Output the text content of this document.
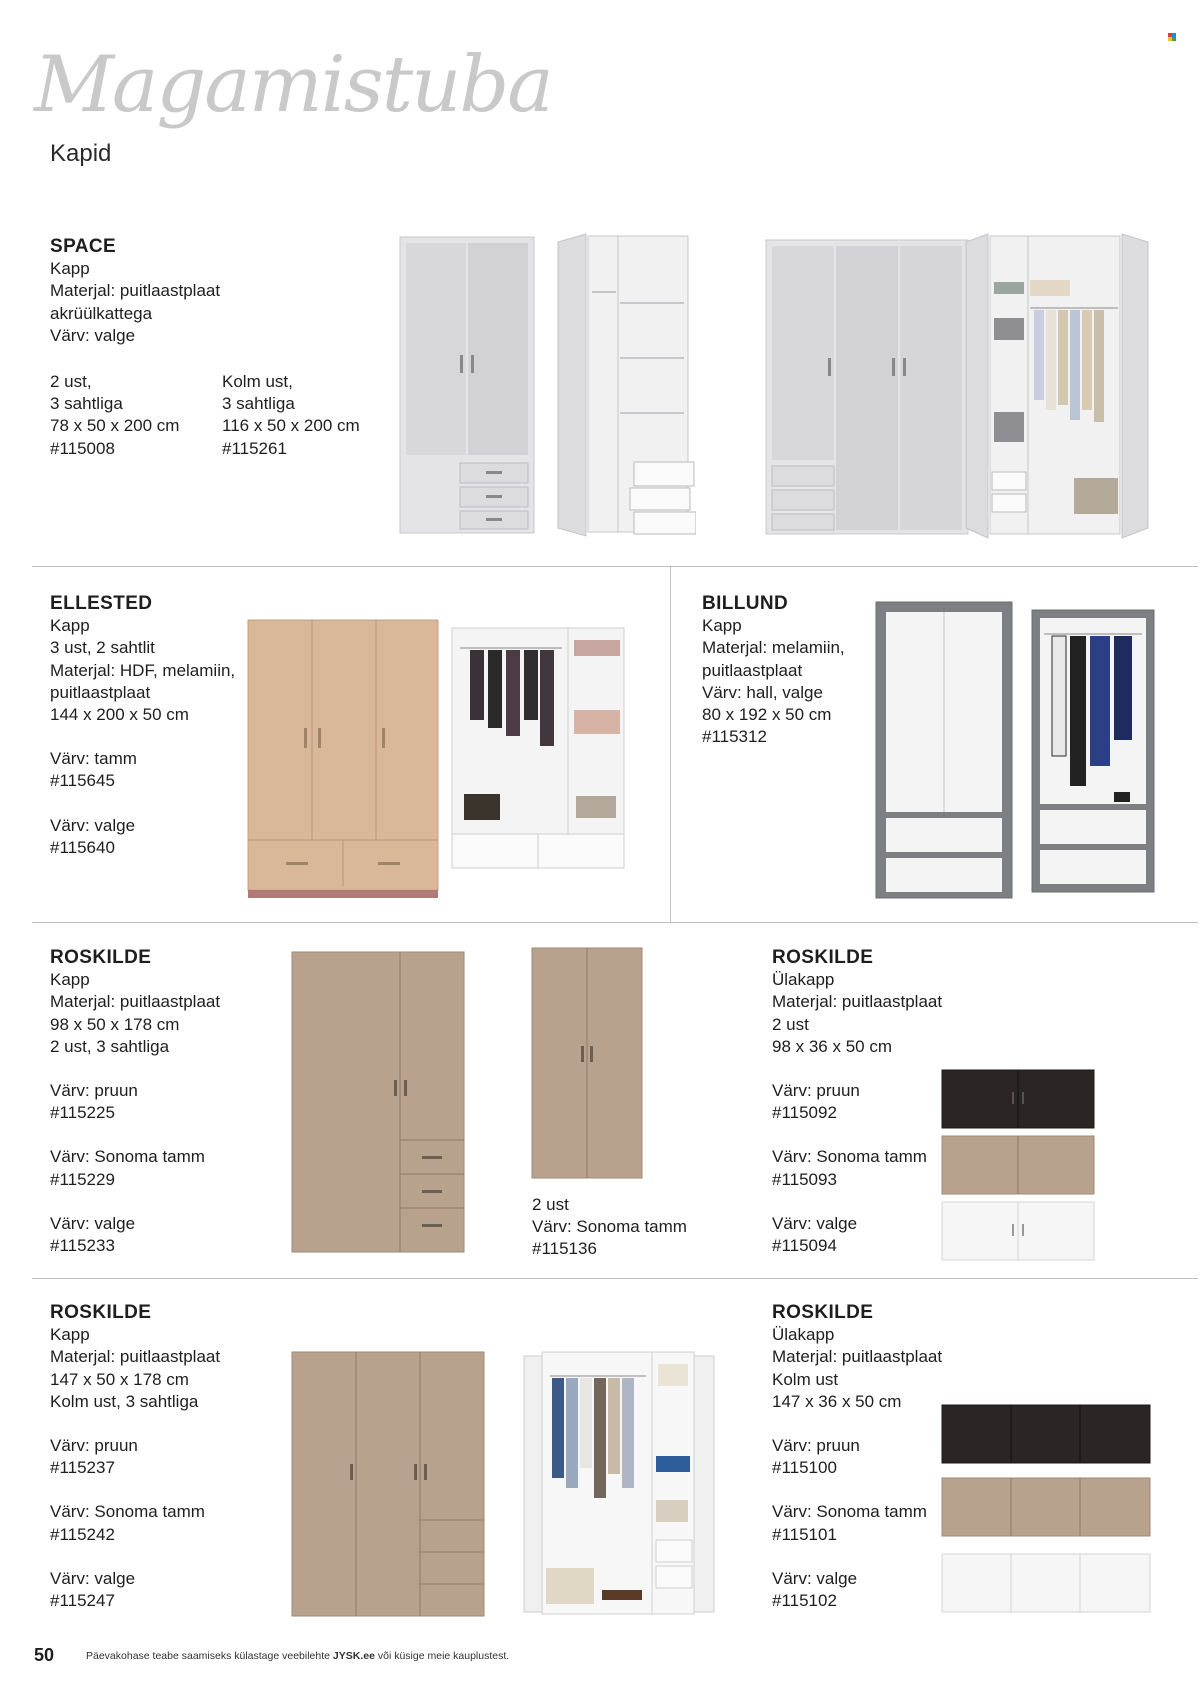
Magamistuba
Kapid
SPACE
Kapp
Materjal: puitlaastplaat
akrüülkattega
Värv: valge
2 ust,
3 sahtliga
78 x 50 x 200 cm
#115008
Kolm ust,
3 sahtliga
116 x 50 x 200 cm
#115261
ELLESTED
Kapp
3 ust, 2 sahtlit
Materjal: HDF, melamiin,
puitlaastplaat
144 x 200 x 50 cm
Värv: tamm
#115645
Värv: valge
#115640
BILLUND
Kapp
Materjal: melamiin,
puitlaastplaat
Värv: hall, valge
80 x 192 x 50 cm
#115312
ROSKILDE
Kapp
Materjal: puitlaastplaat
98 x 50 x 178 cm
2 ust, 3 sahtliga
Värv: pruun
#115225
Värv: Sonoma tamm
#115229
Värv: valge
#115233
2 ust
Värv: Sonoma tamm
#115136
ROSKILDE
Ülakapp
Materjal: puitlaastplaat
2 ust
98 x 36 x 50 cm
Värv: pruun
#115092
Värv: Sonoma tamm
#115093
Värv: valge
#115094
ROSKILDE
Kapp
Materjal: puitlaastplaat
147 x 50 x 178 cm
Kolm ust, 3 sahtliga
Värv: pruun
#115237
Värv: Sonoma tamm
#115242
Värv: valge
#115247
ROSKILDE
Ülakapp
Materjal: puitlaastplaat
Kolm ust
147 x 36 x 50 cm
Värv: pruun
#115100
Värv: Sonoma tamm
#115101
Värv: valge
#115102
50	Päevakohase teabe saamiseks külastage veebilehte JYSK.ee või küsige meie kauplustest.
